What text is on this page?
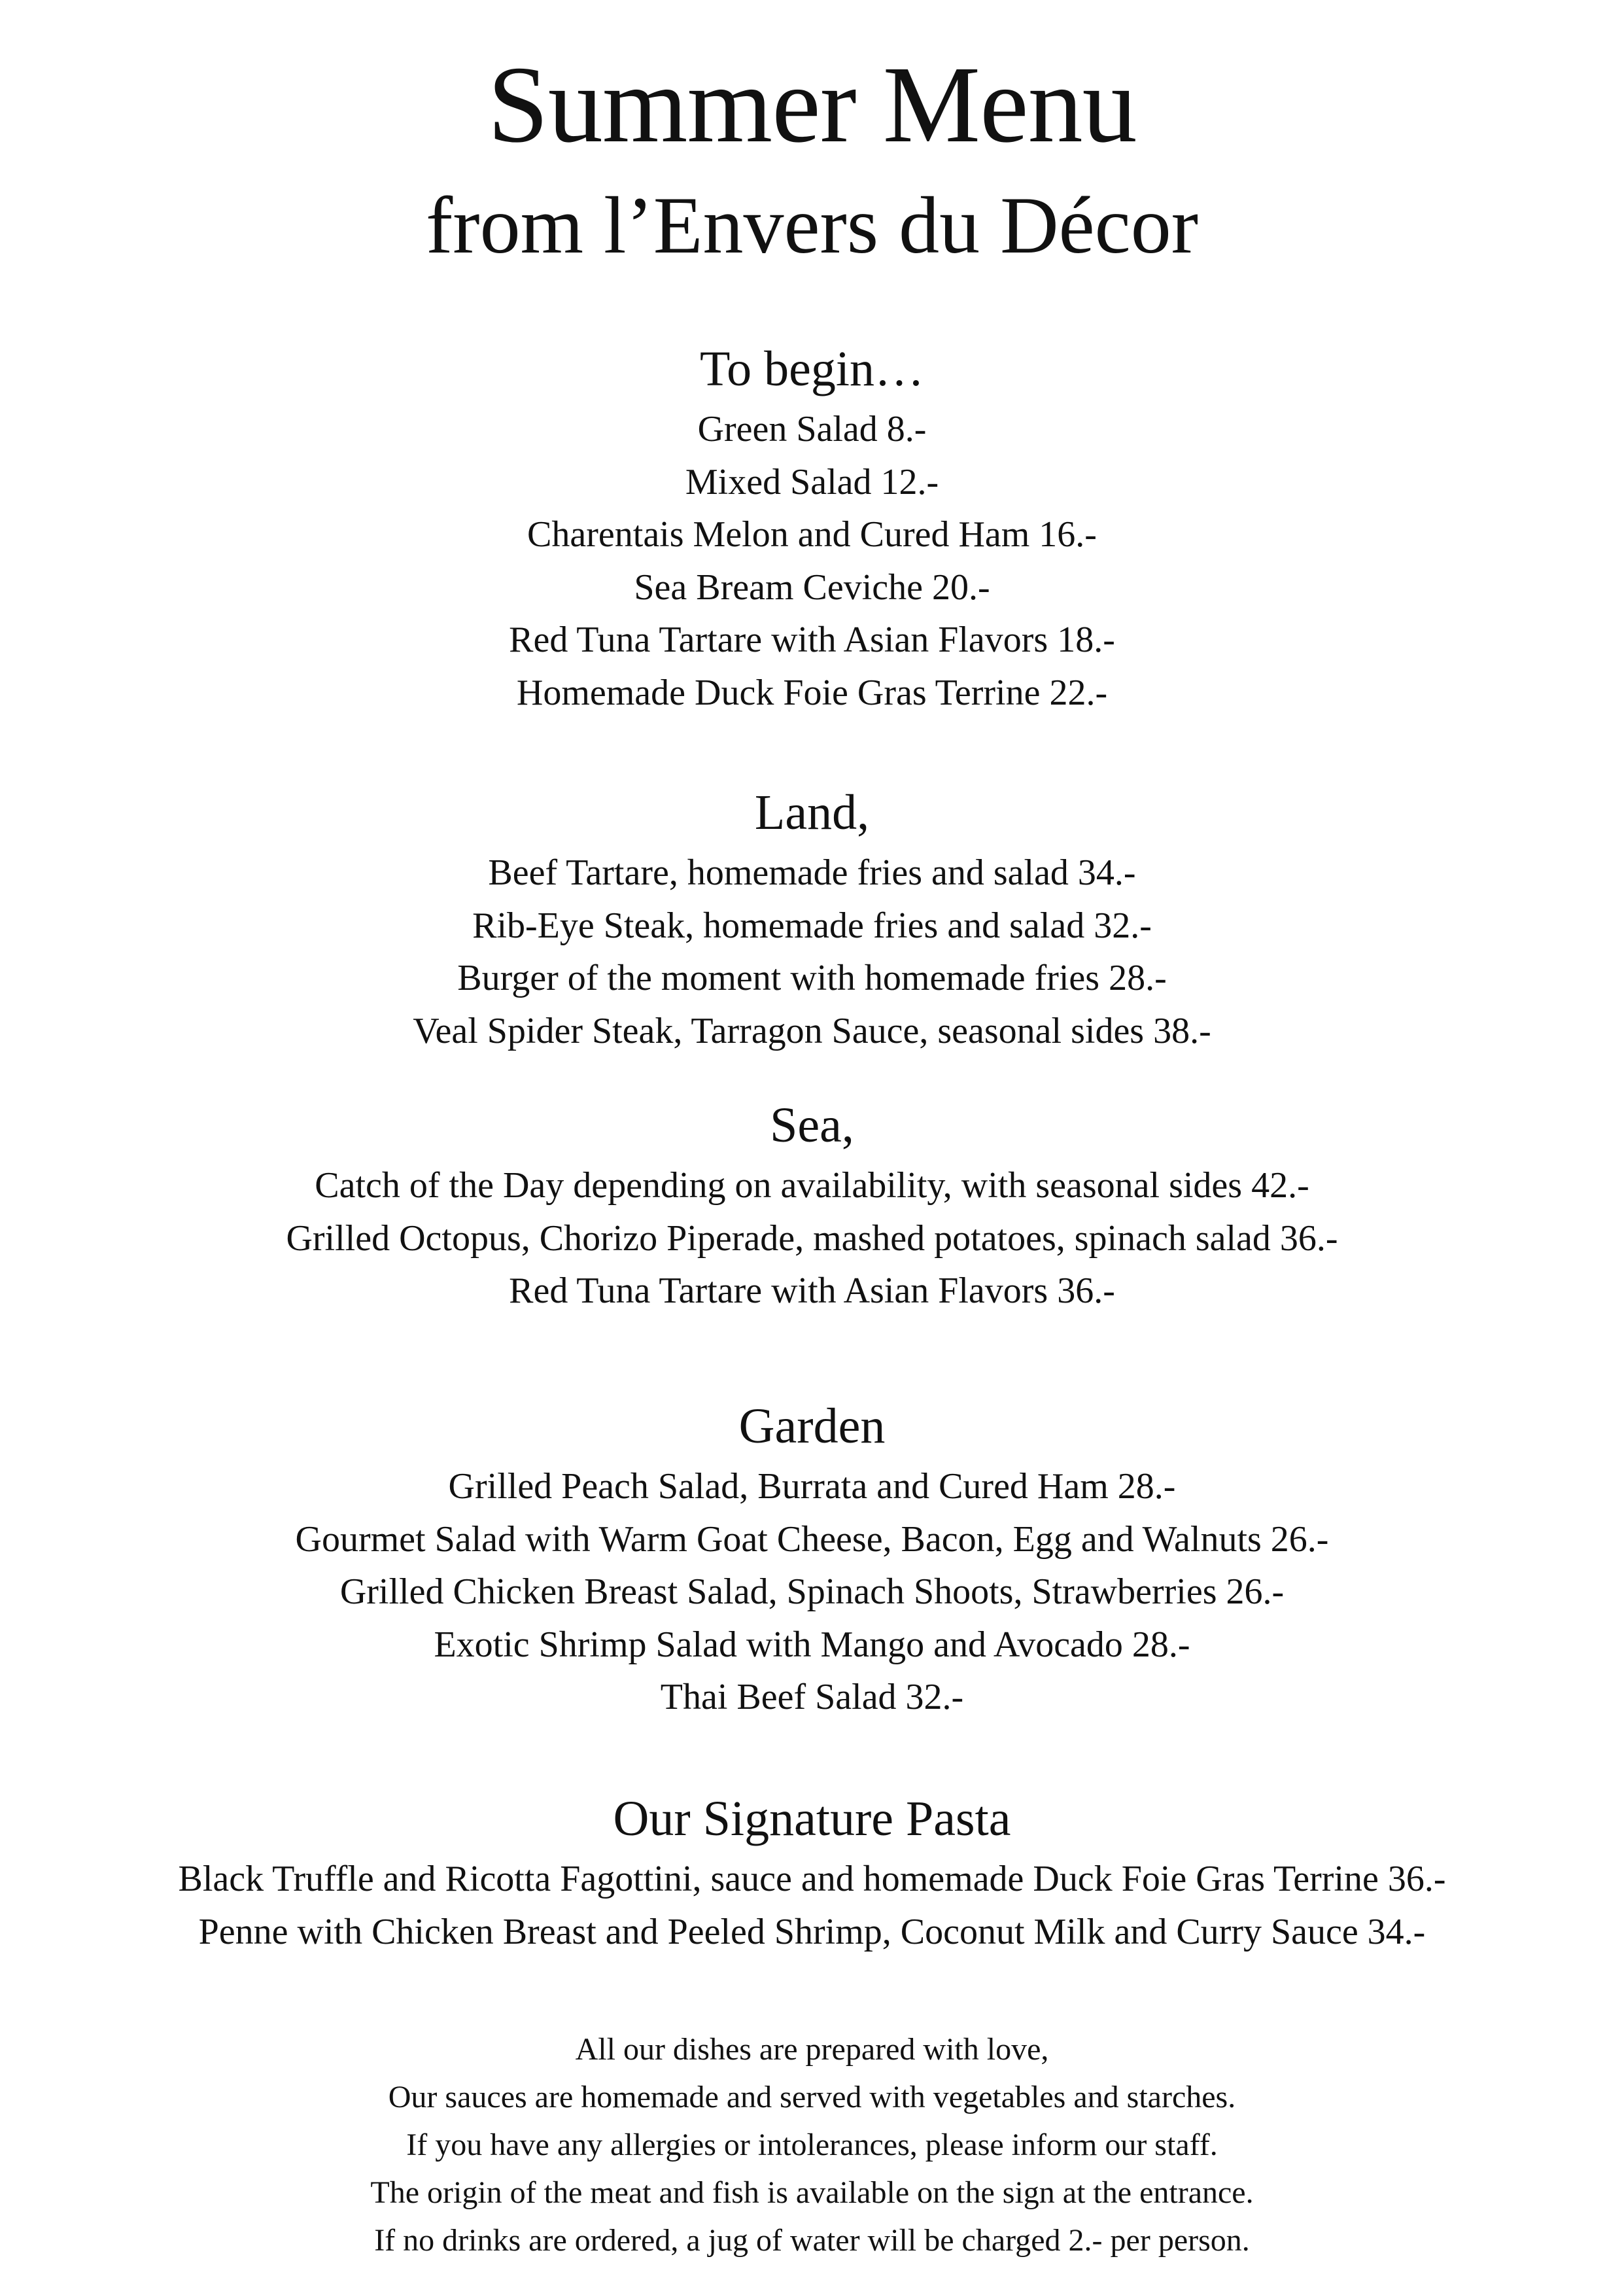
Summer Menu
from l’Envers du Décor
To begin…
Green Salad 8.-
Mixed Salad 12.-
Charentais Melon and Cured Ham 16.-
Sea Bream Ceviche 20.-
Red Tuna Tartare with Asian Flavors 18.-
Homemade Duck Foie Gras Terrine 22.-
Land,
Beef Tartare, homemade fries and salad 34.-
Rib-Eye Steak, homemade fries and salad 32.-
Burger of the moment with homemade fries 28.-
Veal Spider Steak, Tarragon Sauce, seasonal sides 38.-
Sea,
Catch of the Day depending on availability, with seasonal sides 42.-
Grilled Octopus, Chorizo Piperade, mashed potatoes, spinach salad 36.-
Red Tuna Tartare with Asian Flavors 36.-
Garden
Grilled Peach Salad, Burrata and Cured Ham 28.-
Gourmet Salad with Warm Goat Cheese, Bacon, Egg and Walnuts 26.-
Grilled Chicken Breast Salad, Spinach Shoots, Strawberries 26.-
Exotic Shrimp Salad with Mango and Avocado 28.-
Thai Beef Salad 32.-
Our Signature Pasta
Black Truffle and Ricotta Fagottini, sauce and homemade Duck Foie Gras Terrine 36.-
Penne with Chicken Breast and Peeled Shrimp, Coconut Milk and Curry Sauce 34.-

All our dishes are prepared with love,

Our sauces are homemade and served with vegetables and starches.

If you have any allergies or intolerances, please inform our staff.

The origin of the meat and fish is available on the sign at the entrance.

If no drinks are ordered, a jug of water will be charged 2.- per person.
